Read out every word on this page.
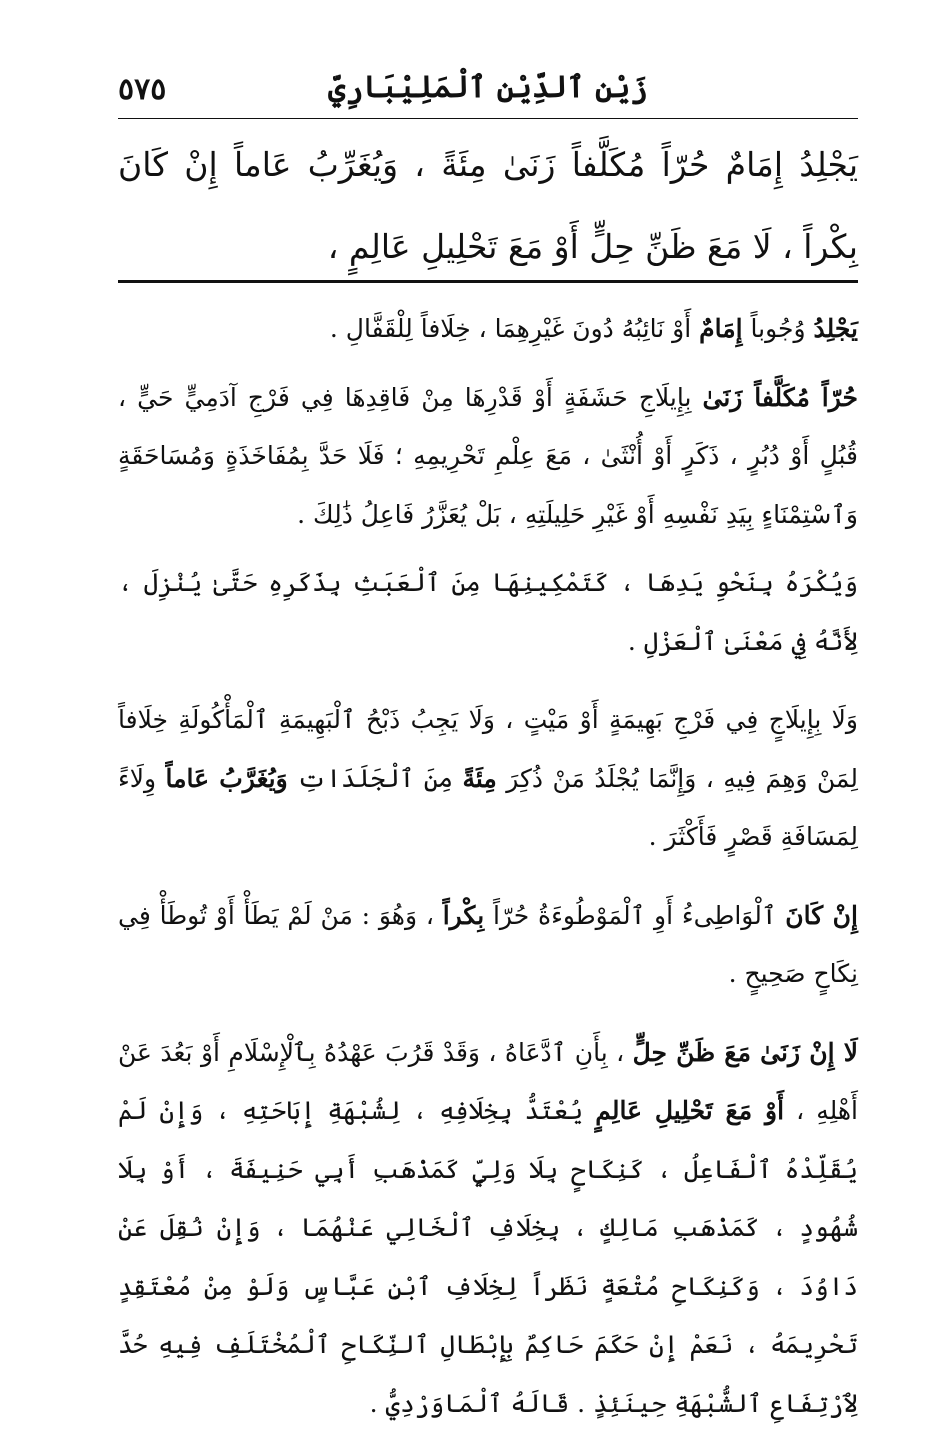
٥٧٥	زَيْن ٱلدِّيْن ٱلْمَلِيْبَارِيّ
يَجْلِدُ إِمَامٌ حُرّاً مُكَلَّفاً زَنَىٰ مِئَةً ، وَيُغَرِّبُ عَاماً إِنْ كَانَ بِكْراً ، لَا مَعَ ظَنِّ حِلٍّ أَوْ مَعَ تَحْلِيلِ عَالِمٍ ،

يَجْلِدُ وُجُوباً إِمَامٌ أَوْ نَائِبُهُ دُونَ غَيْرِهِمَا ، خِلَافاً لِلْقَفَّالِ .

حُرّاً مُكَلَّفاً زَنَىٰ بِإِيلَاجِ حَشَفَةٍ أَوْ قَدْرِهَا مِنْ فَاقِدِهَا فِي فَرْجِ آدَمِيٍّ حَيٍّ ، قُبُلٍ أَوْ دُبُرٍ ، ذَكَرٍ أَوْ أُنْثَىٰ ، مَعَ عِلْمِ تَحْرِيمِهِ ؛ فَلَا حَدَّ بِمُفَاخَذَةٍ وَمُسَاحَقَةٍ وَٱسْتِمْنَاءٍ بِيَدِ نَفْسِهِ أَوْ غَيْرِ حَلِيلَتِهِ ، بَلْ يُعَزَّرُ فَاعِلُ ذَٰلِكَ .

وَيُكْرَهُ بِنَحْوِ يَدِهَا ، كَتَمْكِينِهَا مِنَ ٱلْعَبَثِ بِذَكَرِهِ حَتَّىٰ يُنْزِلَ ، لِأَنَّهُ فِي مَعْنَىٰ ٱلْعَزْلِ .

وَلَا بِإِيلَاجٍ فِي فَرْجِ بَهِيمَةٍ أَوْ مَيْتٍ ، وَلَا يَجِبُ ذَبْحُ ٱلْبَهِيمَةِ ٱلْمَأْكُولَةِ خِلَافاً لِمَنْ وَهِمَ فِيهِ ، وَإِنَّمَا يُجْلَدُ مَنْ ذُكِرَ مِئَةً مِنَ ٱلْجَلَدَاتِ وَيُغَرَّبُ عَاماً وِلَاءً لِمَسَافَةِ قَصْرٍ فَأَكْثَرَ .

إِنْ كَانَ ٱلْوَاطِىءُ أَوِ ٱلْمَوْطُوءَةُ حُرّاً بِكْراً ، وَهُوَ : مَنْ لَمْ يَطَأْ أَوْ تُوطَأْ فِي نِكَاحٍ صَحِيحٍ .

لَا إِنْ زَنَىٰ مَعَ ظَنِّ حِلٍّ ، بِأَنِ ٱدَّعَاهُ ، وَقَدْ قَرُبَ عَهْدُهُ بِٱلْإِسْلَامِ أَوْ بَعُدَ عَنْ أَهْلِهِ ، أَوْ مَعَ تَحْلِيلِ عَالِمٍ يُعْتَدُّ بِخِلَافِهِ ، لِشُبْهَةِ إِبَاحَتِهِ ، وَإِنْ لَمْ يُقَلِّدْهُ ٱلْفَاعِلُ ، كَنِكَاحٍ بِلَا وَلِيٍّ كَمَذْهَبِ أَبِي حَنِيفَةَ ، أَوْ بِلَا شُهُودٍ ، كَمَذْهَبِ مَالِكٍ ، بِخِلَافِ ٱلْخَالِي عَنْهُمَا ، وَإِنْ نُقِلَ عَنْ دَاوُدَ ، وَكَنِكَاحِ مُتْعَةٍ نَظَراً لِخِلَافِ ٱبْنِ عَبَّاسٍ وَلَوْ مِنْ مُعْتَقِدٍ تَحْرِيمَهُ ، نَعَمْ إِنْ حَكَمَ حَاكِمٌ بِإِبْطَالِ ٱلنِّكَاحِ ٱلْمُخْتَلَفِ فِيهِ حُدَّ لِٱرْتِفَاعِ ٱلشُّبْهَةِ حِينَئِذٍ . قَالَهُ ٱلْمَاوَرْدِيُّ .
